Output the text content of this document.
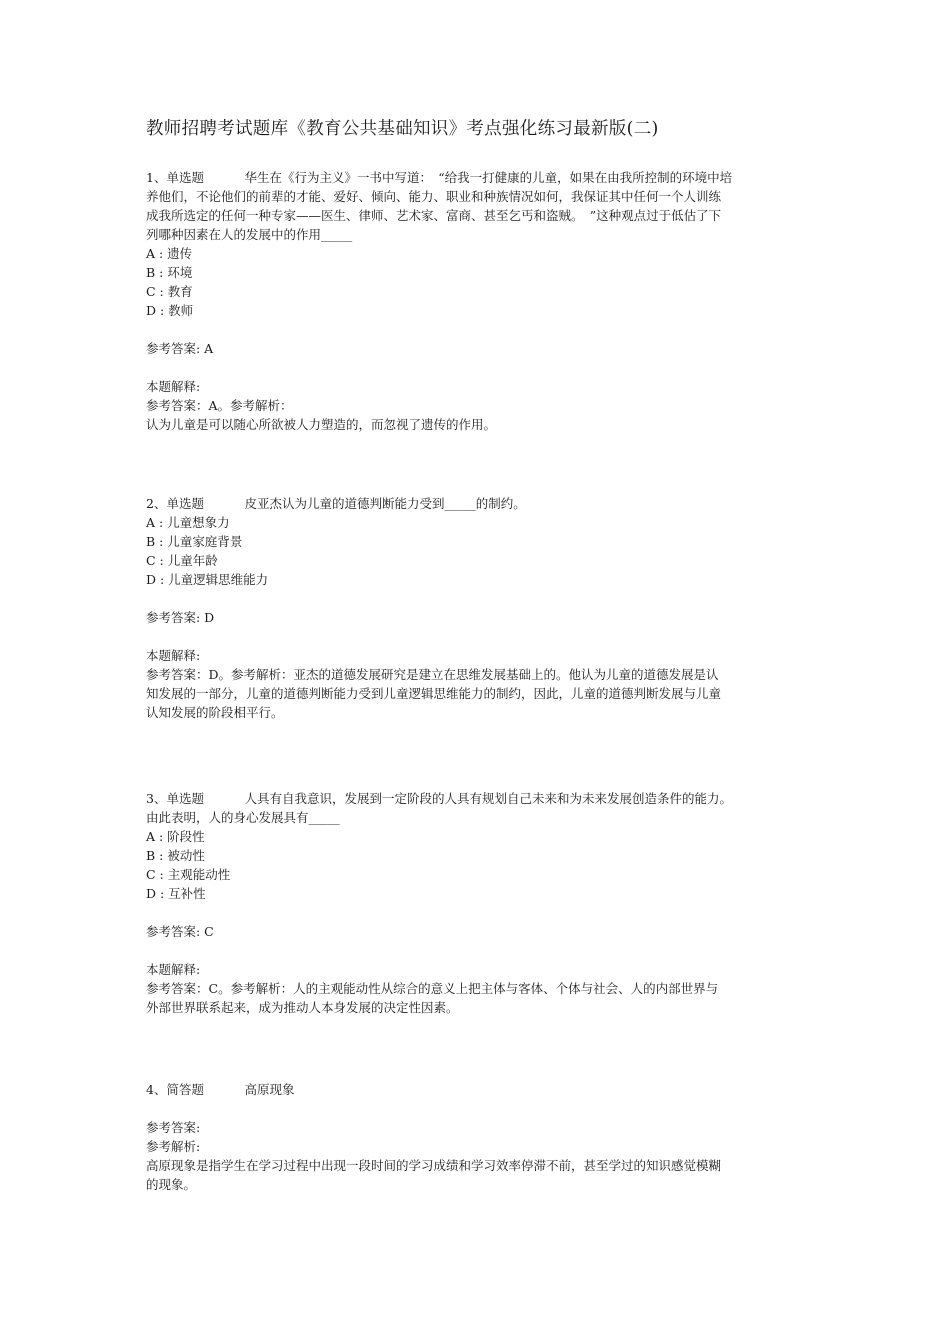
教师招聘考试题库《教育公共基础知识》考点强化练习最新版(二)
1、 单选题	华生在《行为主义》一书中写道：　“给我一打健康的儿童，如果在由我所控制的环境中培
养他们，不论他们的前辈的才能、爱好、倾向、能力、职业和种族情况如何，我保证其中任何一个人训练
成我所选定的任何一种专家——医生、律师、艺术家、富商、甚至乞丐和盗贼。　”这种观点过于低估了下
列哪种因素在人的发展中的作用_____
A : 遗传
B : 环境
C : 教育
D : 教师
参考答案: A
本题解释:
参考答案：A。参考解析：
认为儿童是可以随心所欲被人力塑造的，而忽视了遗传的作用。
2、 单选题	皮亚杰认为儿童的道德判断能力受到_____的制约。
A : 儿童想象力
B : 儿童家庭背景
C : 儿童年龄
D : 儿童逻辑思维能力
参考答案: D
本题解释:
参考答案：D。参考解析：亚杰的道德发展研究是建立在思维发展基础上的。他认为儿童的道德发展是认
知发展的一部分，儿童的道德判断能力受到儿童逻辑思维能力的制约，因此，儿童的道德判断发展与儿童
认知发展的阶段相平行。
3、 单选题	人具有自我意识，发展到一定阶段的人具有规划自己未来和为未来发展创造条件的能力。
由此表明，人的身心发展具有_____
A : 阶段性
B : 被动性
C : 主观能动性
D : 互补性
参考答案: C
本题解释:
参考答案：C。参考解析：人的主观能动性从综合的意义上把主体与客体、个体与社会、人的内部世界与
外部世界联系起来，成为推动人本身发展的决定性因素。
4、 简答题	高原现象
参考答案:
参考解析:
高原现象是指学生在学习过程中出现一段时间的学习成绩和学习效率停滞不前，甚至学过的知识感觉模糊
的现象。
